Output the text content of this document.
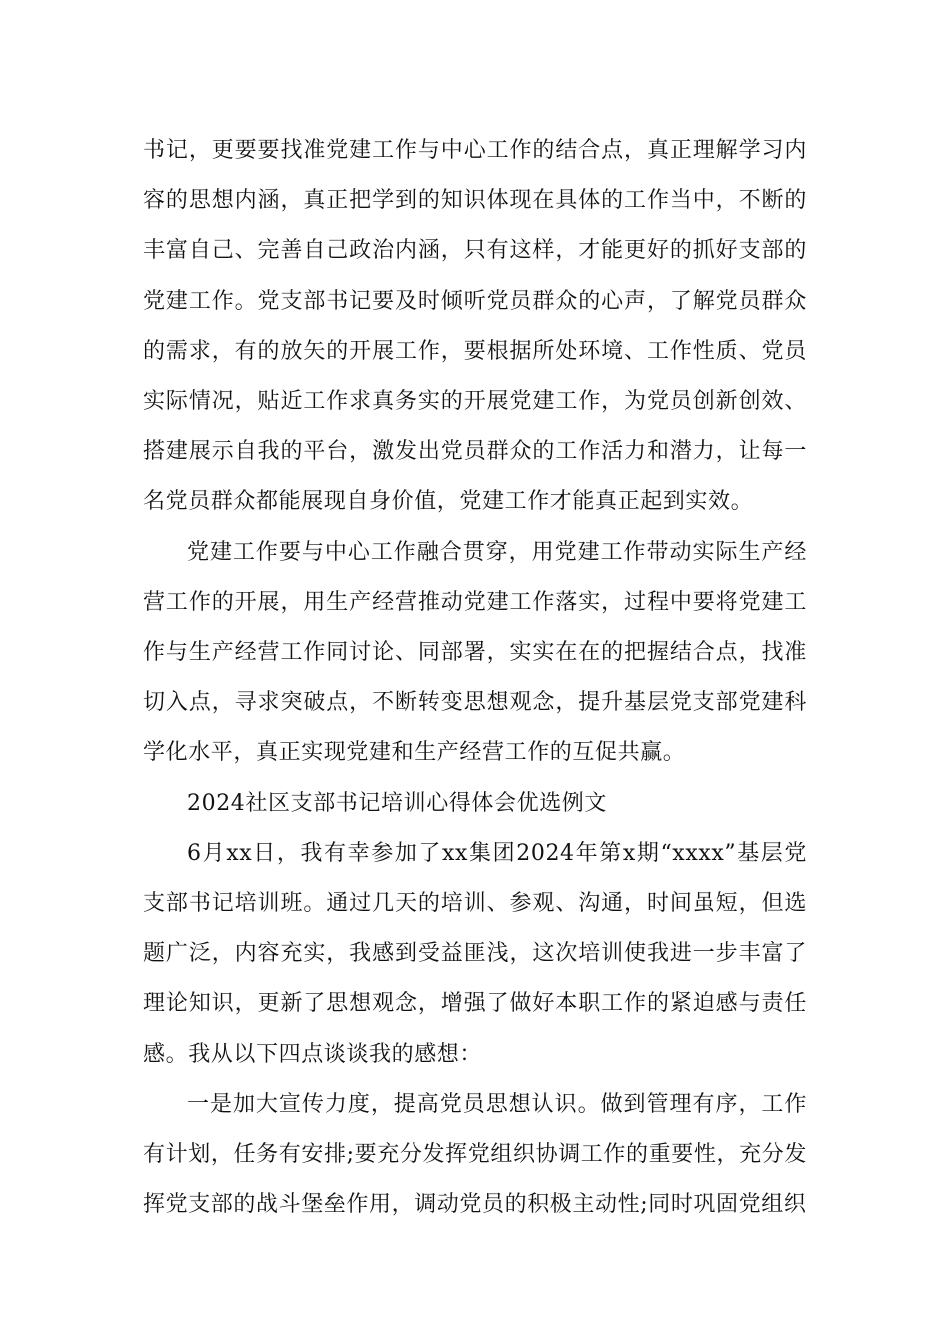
书记，更要要找准党建工作与中心工作的结合点，真正理解学习内容的思想内涵，真正把学到的知识体现在具体的工作当中，不断的丰富自己、完善自己政治内涵，只有这样，才能更好的抓好支部的党建工作。党支部书记要及时倾听党员群众的心声，了解党员群众的需求，有的放矢的开展工作，要根据所处环境、工作性质、党员实际情况，贴近工作求真务实的开展党建工作，为党员创新创效、搭建展示自我的平台，激发出党员群众的工作活力和潜力，让每一名党员群众都能展现自身价值，党建工作才能真正起到实效。

党建工作要与中心工作融合贯穿，用党建工作带动实际生产经营工作的开展，用生产经营推动党建工作落实，过程中要将党建工作与生产经营工作同讨论、同部署，实实在在的把握结合点，找准切入点，寻求突破点，不断转变思想观念，提升基层党支部党建科学化水平，真正实现党建和生产经营工作的互促共赢。

2024社区支部书记培训心得体会优选例文

6月xx日，我有幸参加了xx集团2024年第x期“xxxx”基层党支部书记培训班。通过几天的培训、参观、沟通，时间虽短，但选题广泛，内容充实，我感到受益匪浅，这次培训使我进一步丰富了理论知识，更新了思想观念，增强了做好本职工作的紧迫感与责任感。我从以下四点谈谈我的感想：

一是加大宣传力度，提高党员思想认识。做到管理有序，工作有计划，任务有安排;要充分发挥党组织协调工作的重要性，充分发挥党支部的战斗堡垒作用，调动党员的积极主动性;同时巩固党组织
